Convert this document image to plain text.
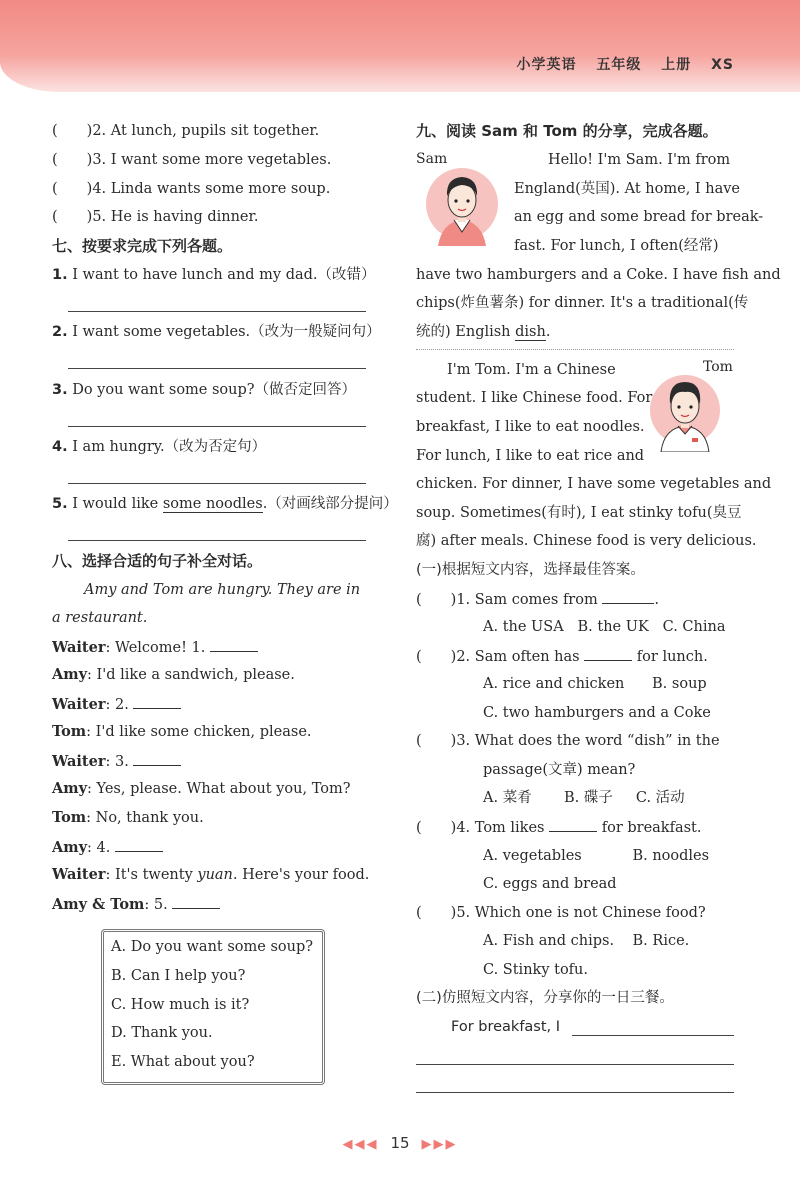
小学英语 五年级 上册 XS
(　　)2. At lunch, pupils sit together.
(　　)3. I want some more vegetables.
(　　)4. Linda wants some more soup.
(　　)5. He is having dinner.
七、按要求完成下列各题。
1. I want to have lunch and my dad.（改错）
2. I want some vegetables.（改为一般疑问句）
3. Do you want some soup?（做否定回答）
4. I am hungry.（改为否定句）
5. I would like some noodles.（对画线部分提问）
八、选择合适的句子补全对话。
Amy and Tom are hungry. They are in
a restaurant.
Waiter: Welcome! 1.
Amy: I'd like a sandwich, please.
Waiter: 2.
Tom: I'd like some chicken, please.
Waiter: 3.
Amy: Yes, please. What about you, Tom?
Tom: No, thank you.
Amy: 4.
Waiter: It's twenty yuan. Here's your food.
Amy & Tom: 5.
A. Do you want some soup?
B. Can I help you?
C. How much is it?
D. Thank you.
E. What about you?
九、阅读 Sam 和 Tom 的分享，完成各题。
Sam	Hello! I'm Sam. I'm from
England(英国). At home, I have
an egg and some bread for break-
fast. For lunch, I often(经常)
have two hamburgers and a Coke. I have fish and
chips(炸鱼薯条) for dinner. It's a traditional(传
统的) English dish.
Tom
I'm Tom. I'm a Chinese
student. I like Chinese food. For
breakfast, I like to eat noodles.
For lunch, I like to eat rice and
chicken. For dinner, I have some vegetables and
soup. Sometimes(有时), I eat stinky tofu(臭豆
腐) after meals. Chinese food is very delicious.
(一)根据短文内容，选择最佳答案。
(　　)1. Sam comes from	.
A. the USA B. the UK C. China
(　　)2. Sam often has	for lunch.
A. rice and chicken B. soup
C. two hamburgers and a Coke
(　　)3. What does the word “dish” in the
passage(文章) mean?
A. 菜肴 B. 碟子 C. 活动
(　　)4. Tom likes	for breakfast.
A. vegetables	B. noodles
C. eggs and bread
(　　)5. Which one is not Chinese food?
A. Fish and chips. B. Rice.
C. Stinky tofu.
(二)仿照短文内容，分享你的一日三餐。
For breakfast, I
◀◀◀ 15 ▶▶▶
